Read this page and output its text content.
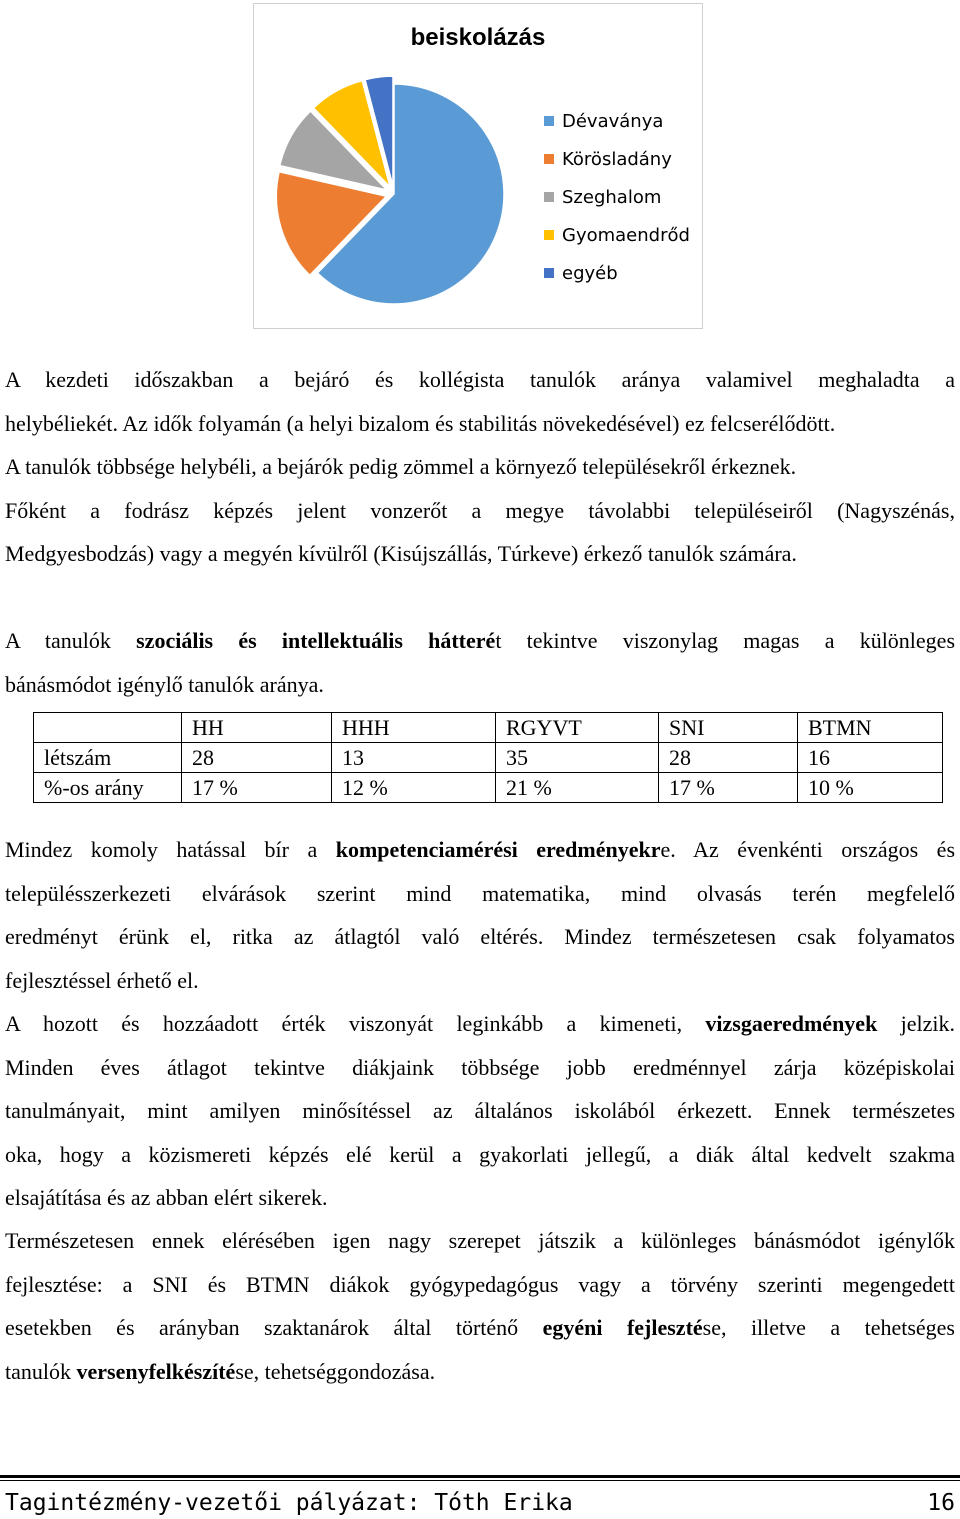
beiskolázás
Dévaványa
Körösladány
Szeghalom
Gyomaendrőd
egyéb
A kezdeti időszakban a bejáró és kollégista tanulók aránya valamivel meghaladta a
helybéliekét. Az idők folyamán (a helyi bizalom és stabilitás növekedésével) ez felcserélődött.
A tanulók többsége helybéli, a bejárók pedig zömmel a környező településekről érkeznek.
Főként a fodrász képzés jelent vonzerőt a megye távolabbi településeiről (Nagyszénás,
Medgyesbodzás) vagy a megyén kívülről (Kisújszállás, Túrkeve) érkező tanulók számára.
A tanulók szociális és intellektuális hátterét tekintve viszonylag magas a különleges
bánásmódot igénylő tanulók aránya.
	HH	HHH	RGYVT	SNI	BTMN
létszám	28	13	35	28	16
%-os arány	17 %	12 %	21 %	17 %	10 %
Mindez komoly hatással bír a kompetenciamérési eredményekre. Az évenkénti országos és
településszerkezeti elvárások szerint mind matematika, mind olvasás terén megfelelő
eredményt érünk el, ritka az átlagtól való eltérés. Mindez természetesen csak folyamatos
fejlesztéssel érhető el.
A hozott és hozzáadott érték viszonyát leginkább a kimeneti, vizsgaeredmények jelzik.
Minden éves átlagot tekintve diákjaink többsége jobb eredménnyel zárja középiskolai
tanulmányait, mint amilyen minősítéssel az általános iskolából érkezett. Ennek természetes
oka, hogy a közismereti képzés elé kerül a gyakorlati jellegű, a diák által kedvelt szakma
elsajátítása és az abban elért sikerek.
Természetesen ennek elérésében igen nagy szerepet játszik a különleges bánásmódot igénylők
fejlesztése: a SNI és BTMN diákok gyógypedagógus vagy a törvény szerinti megengedett
esetekben és arányban szaktanárok által történő egyéni fejlesztése, illetve a tehetséges
tanulók versenyfelkészítése, tehetséggondozása.
Tagintézmény-vezetői pályázat: Tóth Erika	16
